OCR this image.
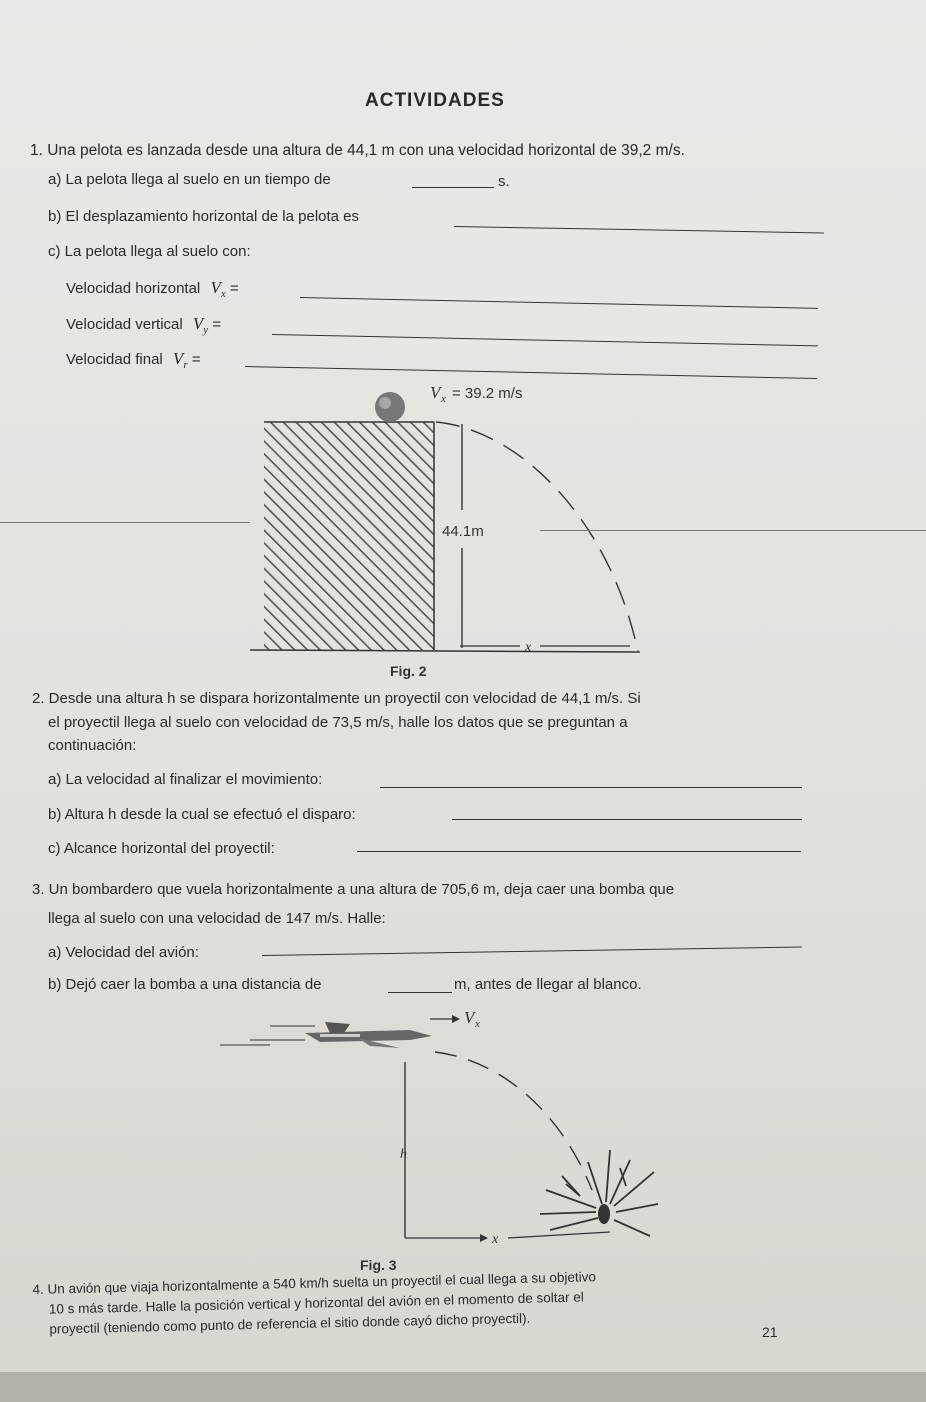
ACTIVIDADES
1. Una pelota es lanzada desde una altura de 44,1 m con una velocidad horizontal de 39,2 m/s.
a) La pelota llega al suelo en un tiempo de	s.
b) El desplazamiento horizontal de la pelota es
c) La pelota llega al suelo con:
Velocidad horizontal $V_x$ =
Velocidad vertical $V_y$ =
Velocidad final $V_r$ =
44.1m
x
V x = 39.2 m/s
Fig. 2
2. Desde una altura h se dispara horizontalmente un proyectil con velocidad de 44,1 m/s. Si
el proyectil llega al suelo con velocidad de 73,5 m/s, halle los datos que se preguntan a
continuación:
a) La velocidad al finalizar el movimiento:
b) Altura h desde la cual se efectuó el disparo:
c) Alcance horizontal del proyectil:
3. Un bombardero que vuela horizontalmente a una altura de 705,6 m, deja caer una bomba que
llega al suelo con una velocidad de 147 m/s. Halle:
a) Velocidad del avión:
b) Dejó caer la bomba a una distancia de	m, antes de llegar al blanco.
V x
h
x
Fig. 3
4. Un avión que viaja horizontalmente a 540 km/h suelta un proyectil el cual llega a su objetivo
10 s más tarde. Halle la posición vertical y horizontal del avión en el momento de soltar el
proyectil (teniendo como punto de referencia el sitio donde cayó dicho proyectil).	21
